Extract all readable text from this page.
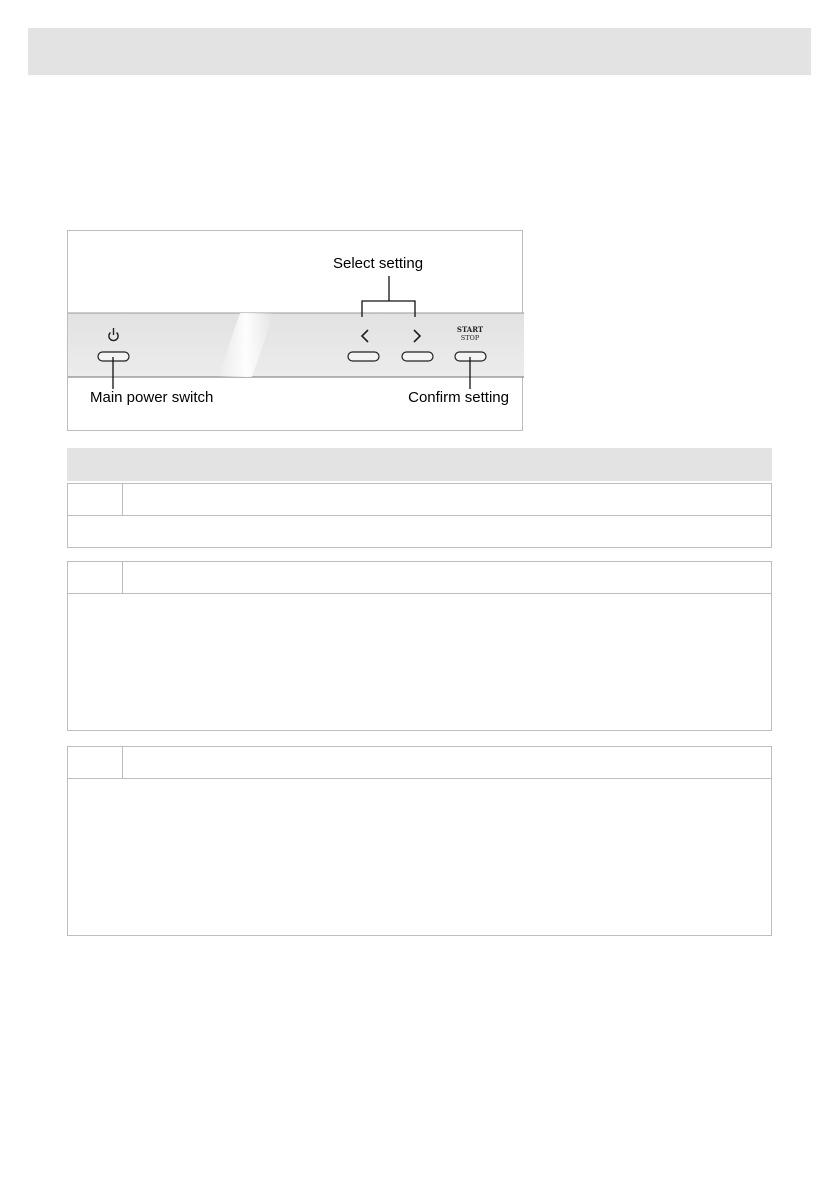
Select setting
Main power switch	Confirm setting
START
STOP
